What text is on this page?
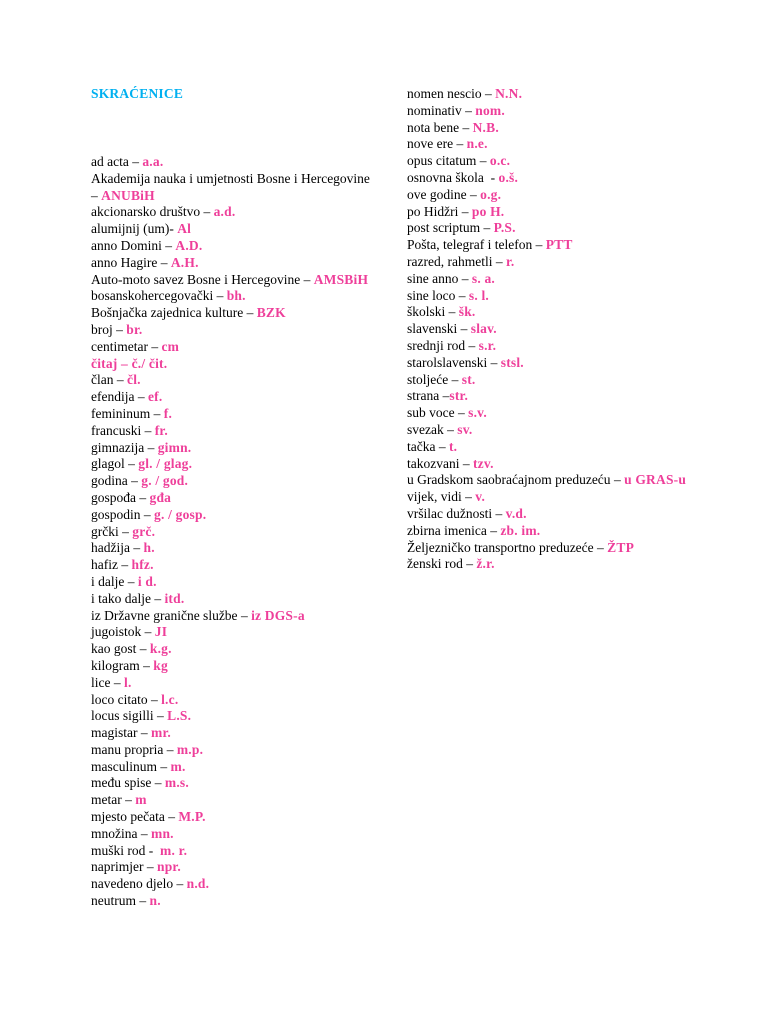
SKRAĆENICE
ad acta – a.a.
Akademija nauka i umjetnosti Bosne i Hercegovine – ANUBiH
akcionarsko društvo – a.d.
alumijnij (um)- Al
anno Domini – A.D.
anno Hagire – A.H.
Auto-moto savez Bosne i Hercegovine – AMSBiH
bosanskohercegovački – bh.
Bošnjačka zajednica kulture – BZK
broj – br.
centimetar – cm
čitaj – č./ čit.
član – čl.
efendija – ef.
femininum – f.
francuski – fr.
gimnazija – gimn.
glagol – gl. / glag.
godina – g. / god.
gospođa – gđa
gospodin – g. / gosp.
grčki – grč.
hadžija – h.
hafiz – hfz.
i dalje – i d.
i tako dalje – itd.
iz Državne granične službe – iz DGS-a
jugoistok – JI
kao gost – k.g.
kilogram – kg
lice – l.
loco citato – l.c.
locus sigilli – L.S.
magistar – mr.
manu propria – m.p.
masculinum – m.
među spise – m.s.
metar – m
mjesto pečata – M.P.
množina – mn.
muški rod -  m. r.
naprimjer – npr.
navedeno djelo – n.d.
neutrum – n.
nomen nescio – N.N.
nominativ – nom.
nota bene – N.B.
nove ere – n.e.
opus citatum – o.c.
osnovna škola  - o.š.
ove godine – o.g.
po Hidžri – po H.
post scriptum – P.S.
Pošta, telegraf i telefon – PTT
razred, rahmetli – r.
sine anno – s. a.
sine loco – s. l.
školski – šk.
slavenski – slav.
srednji rod – s.r.
starolslavenski – stsl.
stoljeće – st.
strana –str.
sub voce – s.v.
svezak – sv.
tačka – t.
takozvani – tzv.
u Gradskom saobraćajnom preduzeću – u GRAS-u
vijek, vidi – v.
vršilac dužnosti – v.d.
zbirna imenica – zb. im.
Željezničko transportno preduzeće – ŽTP
ženski rod – ž.r.
